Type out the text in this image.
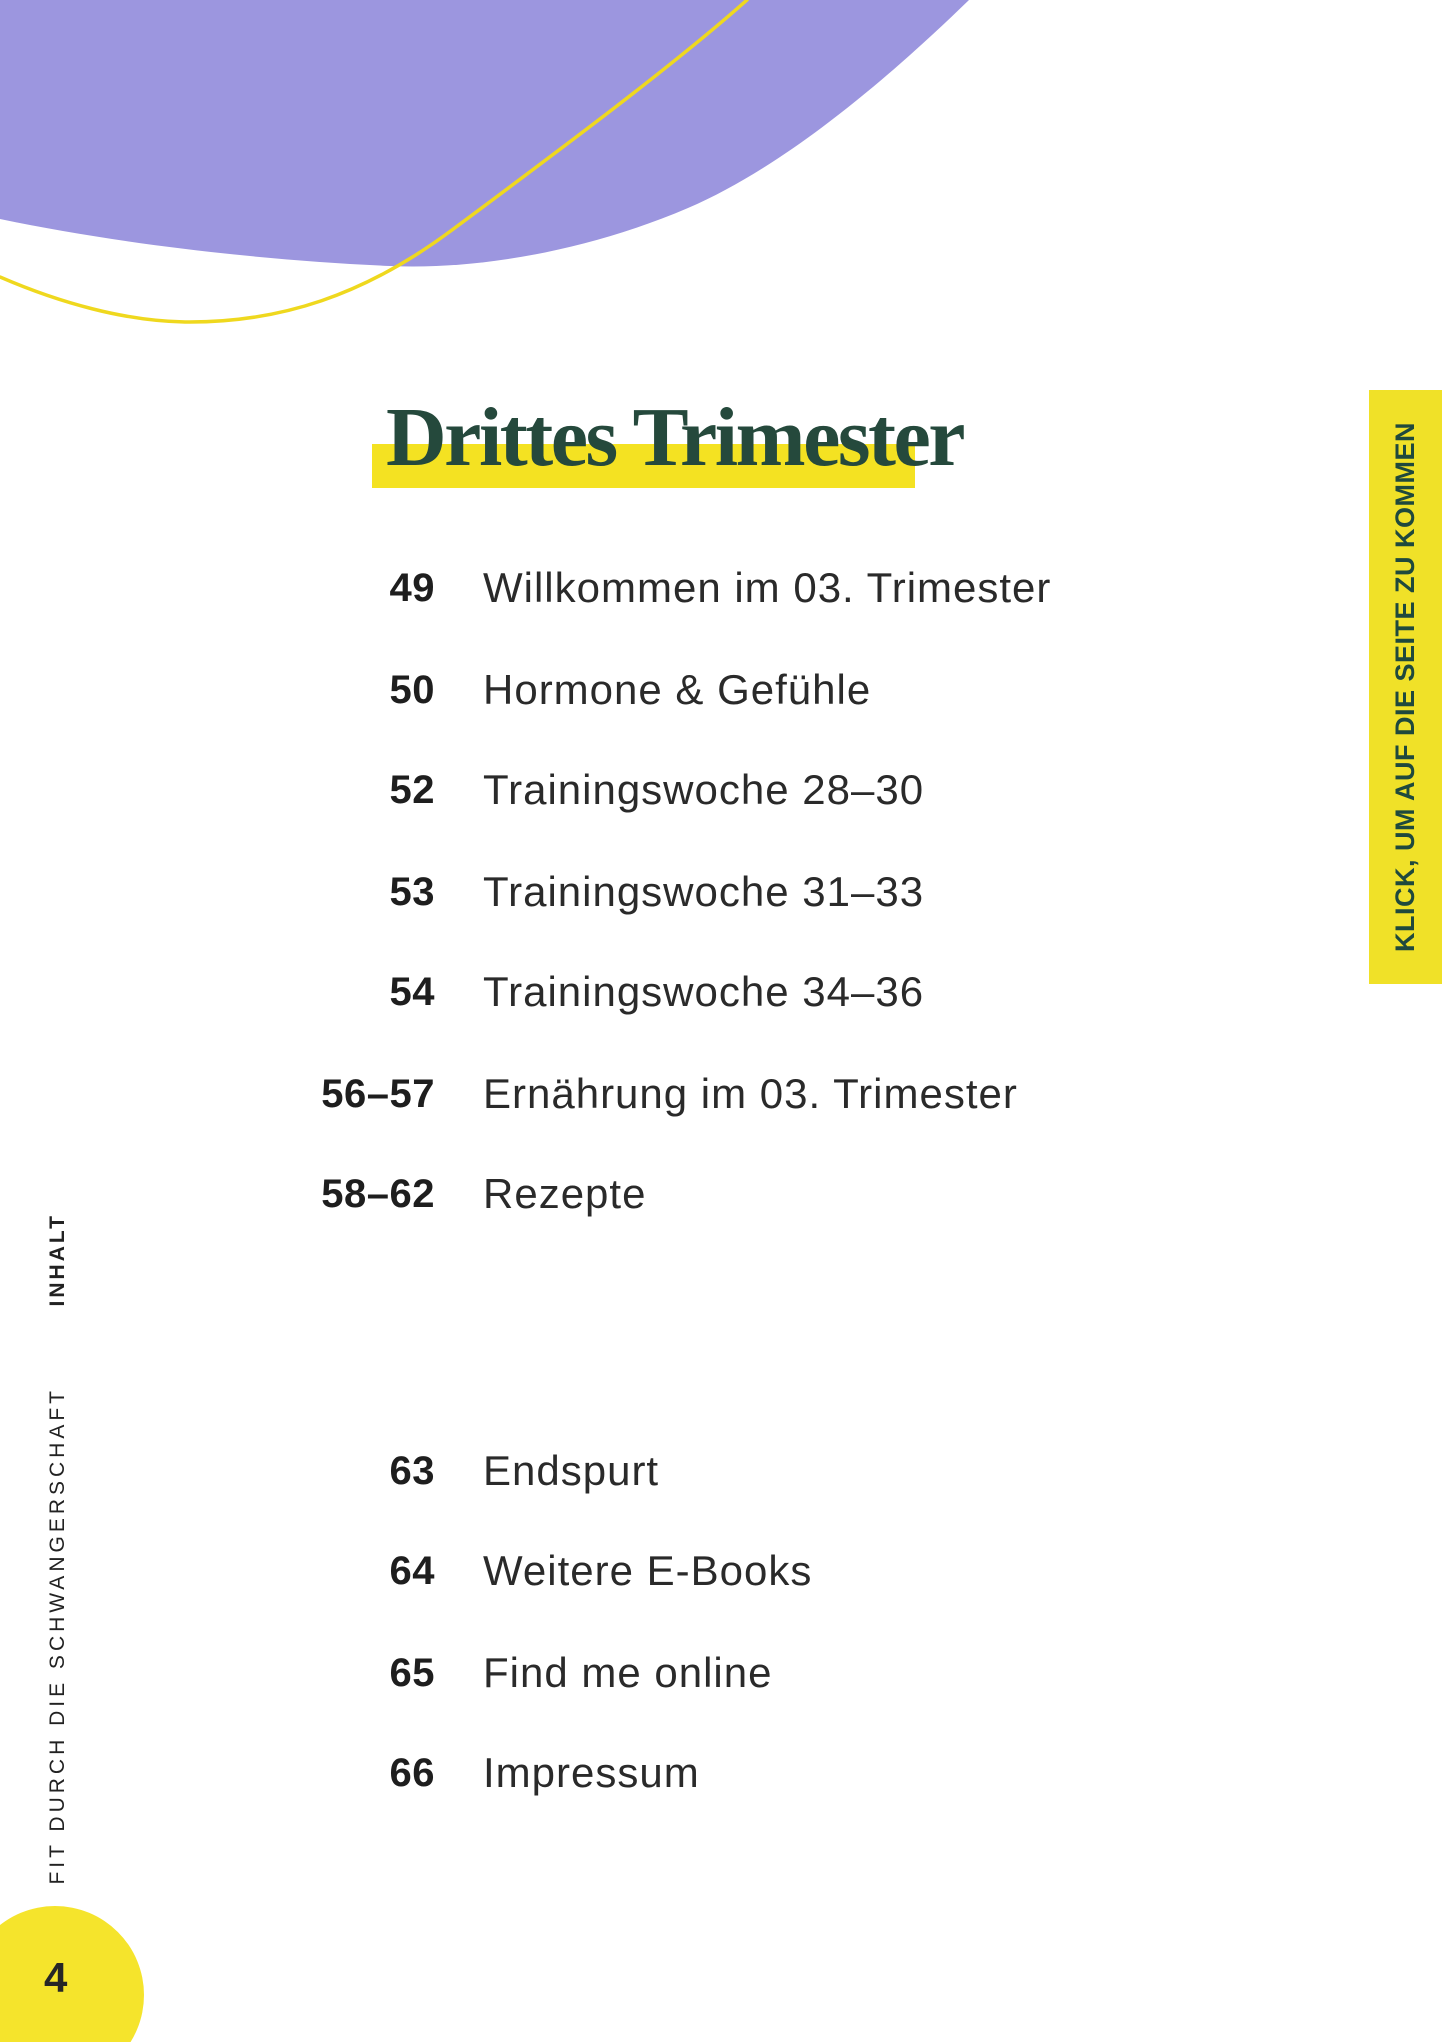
Drittes Trimester	KLICK, UM AUF DIE SEITE ZU KOMMEN
49 Willkommen im 03. Trimester
50 Hormone & Gefühle
52 Trainingswoche 28–30
53 Trainingswoche 31–33
54 Trainingswoche 34–36
56–57 Ernährung im 03. Trimester
58–62 Rezepte
63 Endspurt
64 Weitere E-Books
65 Find me online
66 Impressum
INHALT
FIT DURCH DIE SCHWANGERSCHAFT
4
